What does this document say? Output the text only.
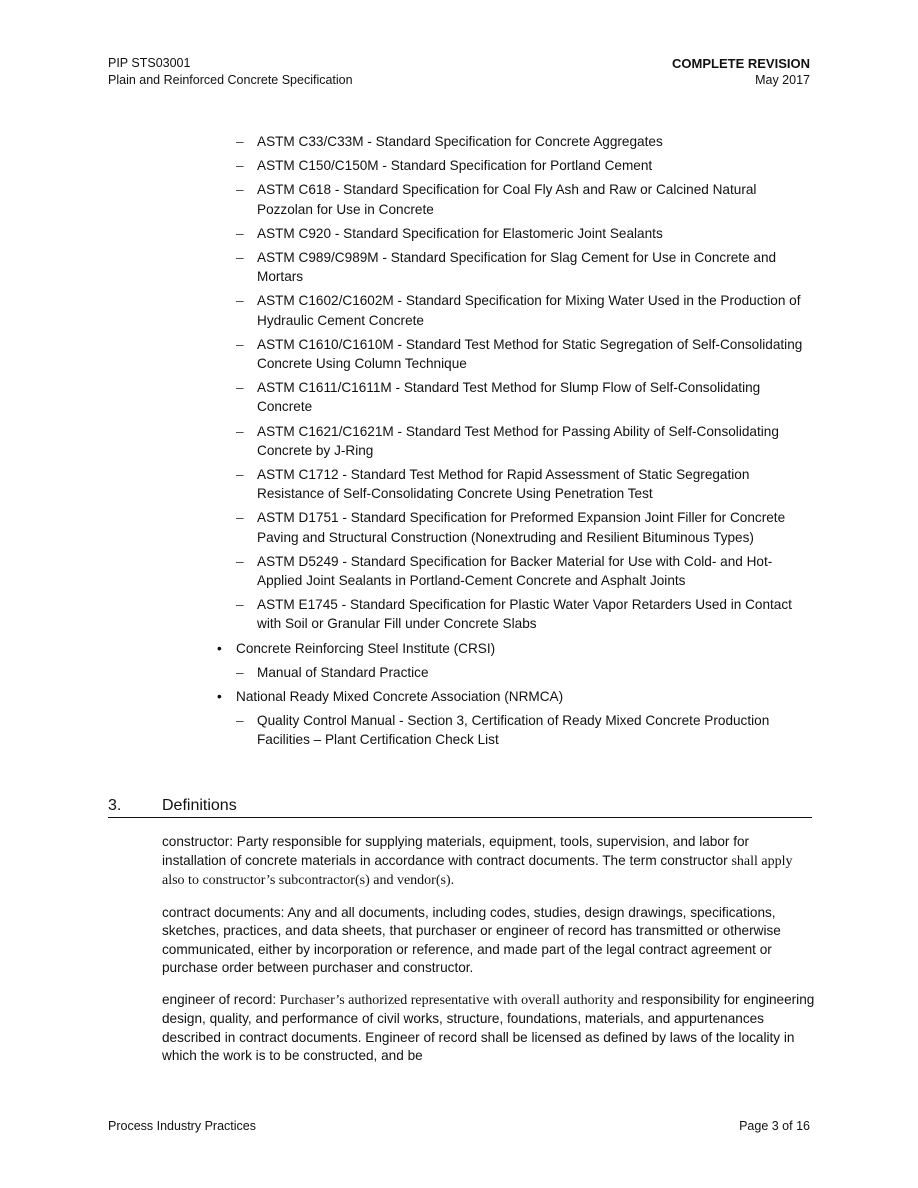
PIP STS03001
Plain and Reinforced Concrete Specification
COMPLETE REVISION
May 2017
– ASTM C33/C33M - Standard Specification for Concrete Aggregates
– ASTM C150/C150M - Standard Specification for Portland Cement
– ASTM C618 - Standard Specification for Coal Fly Ash and Raw or Calcined Natural Pozzolan for Use in Concrete
– ASTM C920 - Standard Specification for Elastomeric Joint Sealants
– ASTM C989/C989M - Standard Specification for Slag Cement for Use in Concrete and Mortars
– ASTM C1602/C1602M - Standard Specification for Mixing Water Used in the Production of Hydraulic Cement Concrete
– ASTM C1610/C1610M - Standard Test Method for Static Segregation of Self-Consolidating Concrete Using Column Technique
– ASTM C1611/C1611M - Standard Test Method for Slump Flow of Self-Consolidating Concrete
– ASTM C1621/C1621M - Standard Test Method for Passing Ability of Self-Consolidating Concrete by J-Ring
– ASTM C1712 - Standard Test Method for Rapid Assessment of Static Segregation Resistance of Self-Consolidating Concrete Using Penetration Test
– ASTM D1751 - Standard Specification for Preformed Expansion Joint Filler for Concrete Paving and Structural Construction (Nonextruding and Resilient Bituminous Types)
– ASTM D5249 - Standard Specification for Backer Material for Use with Cold- and Hot-Applied Joint Sealants in Portland-Cement Concrete and Asphalt Joints
– ASTM E1745 - Standard Specification for Plastic Water Vapor Retarders Used in Contact with Soil or Granular Fill under Concrete Slabs
• Concrete Reinforcing Steel Institute (CRSI)
– Manual of Standard Practice
• National Ready Mixed Concrete Association (NRMCA)
– Quality Control Manual - Section 3, Certification of Ready Mixed Concrete Production Facilities – Plant Certification Check List
3.	Definitions

constructor: Party responsible for supplying materials, equipment, tools, supervision, and labor for installation of concrete materials in accordance with contract documents. The term constructor shall apply also to constructor’s subcontractor(s) and vendor(s).

contract documents: Any and all documents, including codes, studies, design drawings, specifications, sketches, practices, and data sheets, that purchaser or engineer of record has transmitted or otherwise communicated, either by incorporation or reference, and made part of the legal contract agreement or purchase order between purchaser and constructor.

engineer of record: Purchaser’s authorized representative with overall authority and responsibility for engineering design, quality, and performance of civil works, structure, foundations, materials, and appurtenances described in contract documents. Engineer of record shall be licensed as defined by laws of the locality in which the work is to be constructed, and be

Process Industry Practices	Page 3 of 16
